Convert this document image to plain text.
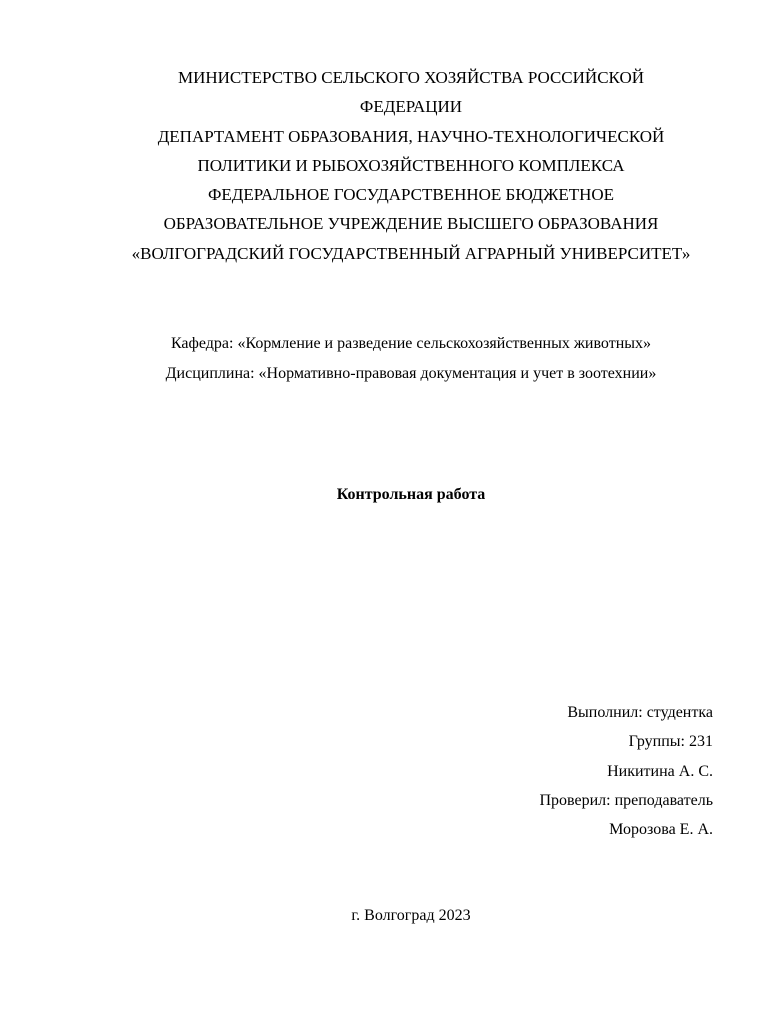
МИНИСТЕРСТВО СЕЛЬСКОГО ХОЗЯЙСТВА РОССИЙСКОЙ
ФЕДЕРАЦИИ
ДЕПАРТАМЕНТ ОБРАЗОВАНИЯ, НАУЧНО-ТЕХНОЛОГИЧЕСКОЙ
ПОЛИТИКИ И РЫБОХОЗЯЙСТВЕННОГО КОМПЛЕКСА
ФЕДЕРАЛЬНОЕ ГОСУДАРСТВЕННОЕ БЮДЖЕТНОЕ
ОБРАЗОВАТЕЛЬНОЕ УЧРЕЖДЕНИЕ ВЫСШЕГО ОБРАЗОВАНИЯ
«ВОЛГОГРАДСКИЙ ГОСУДАРСТВЕННЫЙ АГРАРНЫЙ УНИВЕРСИТЕТ»
Кафедра: «Кормление и разведение сельскохозяйственных животных»
Дисциплина: «Нормативно-правовая документация и учет в зоотехнии»
Контрольная работа
Выполнил: студентка
Группы: 231
Никитина А. С.
Проверил: преподаватель
Морозова Е. А.
г. Волгоград 2023
